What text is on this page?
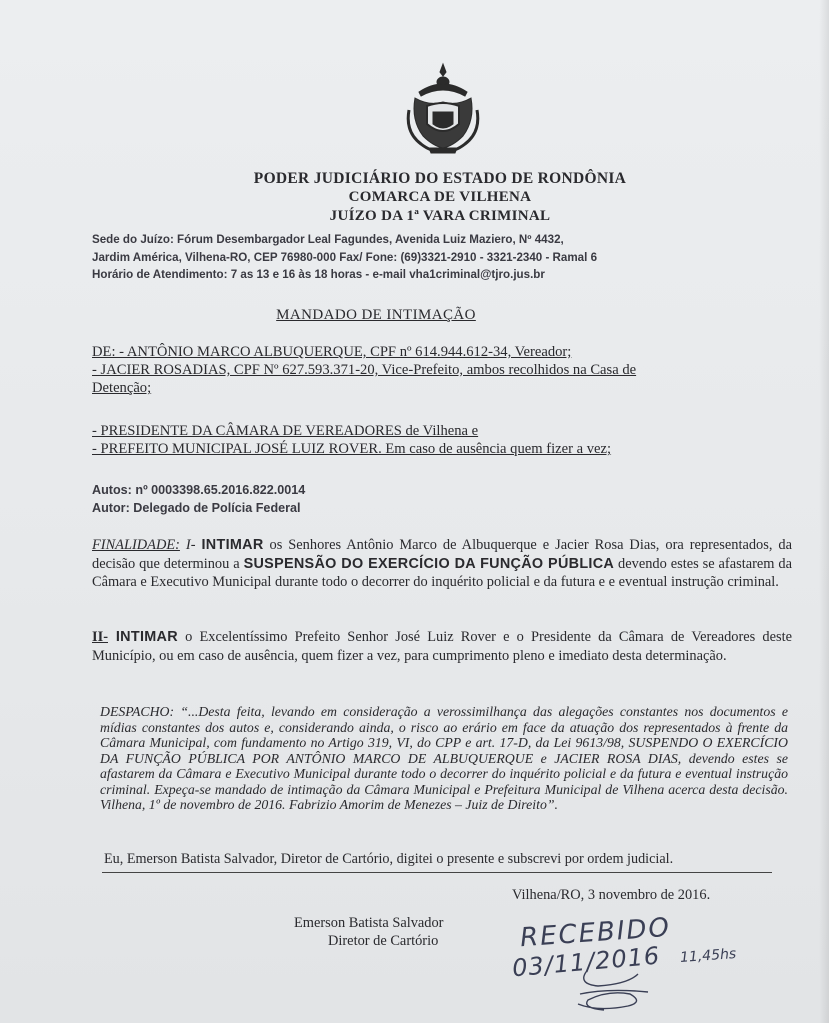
PODER JUDICIÁRIO DO ESTADO DE RONDÔNIA
COMARCA DE VILHENA
JUÍZO DA 1ª VARA CRIMINAL
Sede do Juízo: Fórum Desembargador Leal Fagundes, Avenida Luiz Maziero, Nº 4432,
Jardim América, Vilhena-RO, CEP 76980-000 Fax/ Fone: (69)3321-2910 - 3321-2340 - Ramal 6
Horário de Atendimento: 7 as 13 e 16 às 18 horas - e-mail vha1criminal@tjro.jus.br
MANDADO DE INTIMAÇÃO
DE: - ANTÔNIO MARCO ALBUQUERQUE, CPF nº 614.944.612-34, Vereador;
- JACIER ROSADIAS, CPF Nº 627.593.371-20, Vice-Prefeito, ambos recolhidos na Casa de
Detenção;
- PRESIDENTE DA CÂMARA DE VEREADORES de Vilhena e
- PREFEITO MUNICIPAL JOSÉ LUIZ ROVER. Em caso de ausência quem fizer a vez;
Autos: nº 0003398.65.2016.822.0014
Autor: Delegado de Polícia Federal
FINALIDADE: I- INTIMAR os Senhores Antônio Marco de Albuquerque e Jacier Rosa Dias, ora representados, da decisão que determinou a SUSPENSÃO DO EXERCÍCIO DA FUNÇÃO PÚBLICA devendo estes se afastarem da Câmara e Executivo Municipal durante todo o decorrer do inquérito policial e da futura e e eventual instrução criminal.
II- INTIMAR o Excelentíssimo Prefeito Senhor José Luiz Rover e o Presidente da Câmara de Vereadores deste Município, ou em caso de ausência, quem fizer a vez, para cumprimento pleno e imediato desta determinação.
DESPACHO: “...Desta feita, levando em consideração a verossimilhança das alegações constantes nos documentos e mídias constantes dos autos e, considerando ainda, o risco ao erário em face da atuação dos representados à frente da Câmara Municipal, com fundamento no Artigo 319, VI, do CPP e art. 17-D, da Lei 9613/98, SUSPENDO O EXERCÍCIO DA FUNÇÃO PÚBLICA POR ANTÔNIO MARCO DE ALBUQUERQUE e JACIER ROSA DIAS, devendo estes se afastarem da Câmara e Executivo Municipal durante todo o decorrer do inquérito policial e da futura e eventual instrução criminal. Expeça-se mandado de intimação da Câmara Municipal e Prefeitura Municipal de Vilhena acerca desta decisão. Vilhena, 1º de novembro de 2016. Fabrizio Amorim de Menezes – Juiz de Direito”.
Eu, Emerson Batista Salvador, Diretor de Cartório, digitei o presente e subscrevi por ordem judicial.
Vilhena/RO, 3 novembro de 2016.
Emerson Batista Salvador
Diretor de Cartório	RECEBIDO
03/11/2016 11,45hs
